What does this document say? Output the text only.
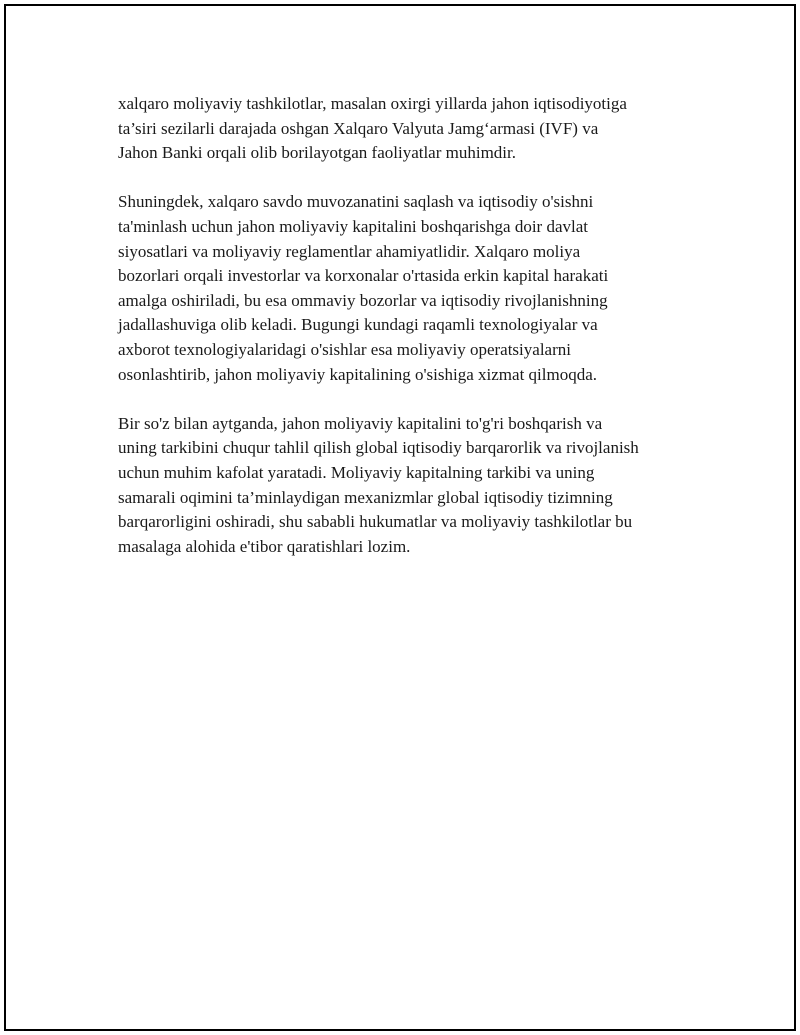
xalqaro moliyaviy tashkilotlar, masalan oxirgi yillarda jahon iqtisodiyotiga
ta’siri sezilarli darajada oshgan Xalqaro Valyuta Jamg‘armasi (IVF) va
Jahon Banki orqali olib borilayotgan faoliyatlar muhimdir.

Shuningdek, xalqaro savdo muvozanatini saqlash va iqtisodiy o'sishni
ta'minlash uchun jahon moliyaviy kapitalini boshqarishga doir davlat
siyosatlari va moliyaviy reglamentlar ahamiyatlidir. Xalqaro moliya
bozorlari orqali investorlar va korxonalar o'rtasida erkin kapital harakati
amalga oshiriladi, bu esa ommaviy bozorlar va iqtisodiy rivojlanishning
jadallashuviga olib keladi. Bugungi kundagi raqamli texnologiyalar va
axborot texnologiyalaridagi o'sishlar esa moliyaviy operatsiyalarni
osonlashtirib, jahon moliyaviy kapitalining o'sishiga xizmat qilmoqda.

Bir so'z bilan aytganda, jahon moliyaviy kapitalini to'g'ri boshqarish va
uning tarkibini chuqur tahlil qilish global iqtisodiy barqarorlik va rivojlanish
uchun muhim kafolat yaratadi. Moliyaviy kapitalning tarkibi va uning
samarali oqimini ta’minlaydigan mexanizmlar global iqtisodiy tizimning
barqarorligini oshiradi, shu sababli hukumatlar va moliyaviy tashkilotlar bu
masalaga alohida e'tibor qaratishlari lozim.
